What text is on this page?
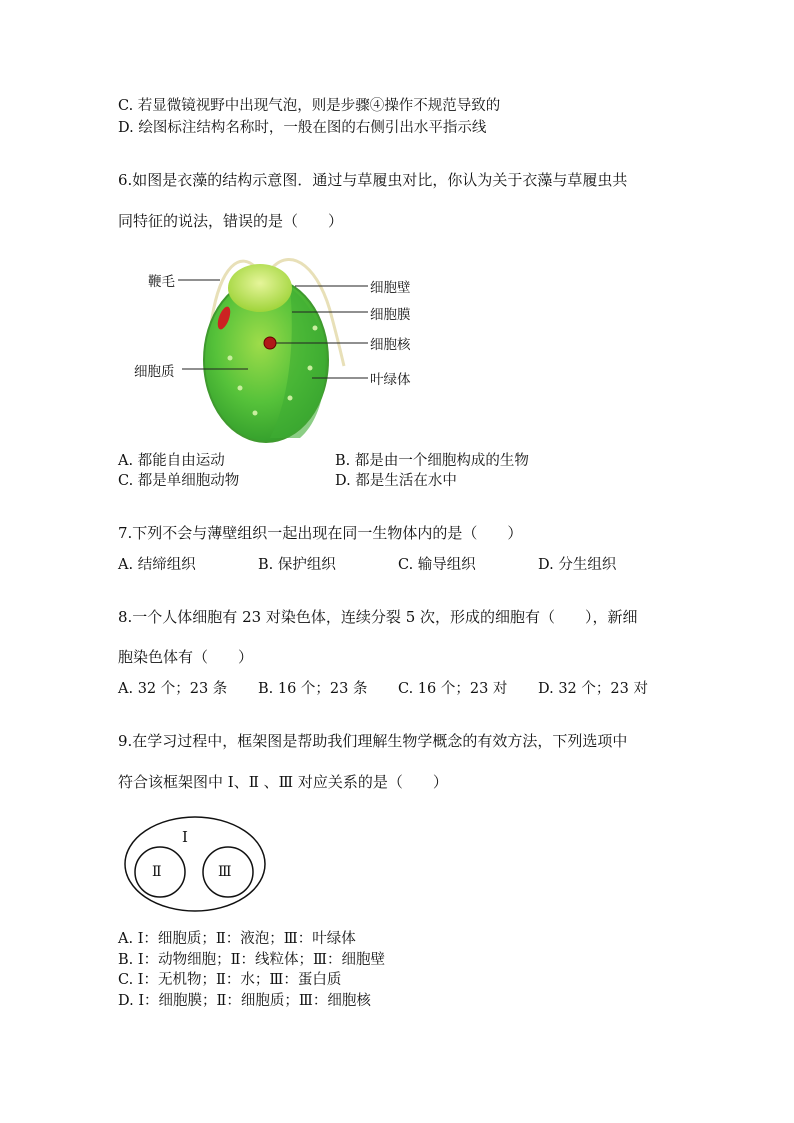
C. 若显微镜视野中出现气泡，则是步骤④操作不规范导致的
D. 绘图标注结构名称时，一般在图的右侧引出水平指示线
6.如图是衣藻的结构示意图．通过与草履虫对比，你认为关于衣藻与草履虫共
同特征的说法，错误的是（　　）
鞭毛	细胞壁
细胞膜
细胞核
细胞质	叶绿体
A. 都能自由运动	B. 都是由一个细胞构成的生物
C. 都是单细胞动物	D. 都是生活在水中
7.下列不会与薄壁组织一起出现在同一生物体内的是（　　）
A. 结缔组织	B. 保护组织	C. 输导组织	D. 分生组织
8.一个人体细胞有 23 对染色体，连续分裂 5 次，形成的细胞有（　　），新细
胞染色体有（　　）
A. 32 个；23 条 B. 16 个；23 条 C. 16 个；23 对 D. 32 个；23 对
9.在学习过程中，框架图是帮助我们理解生物学概念的有效方法，下列选项中
符合该框架图中 Ⅰ、Ⅱ 、Ⅲ 对应关系的是（　　）
Ⅰ
Ⅱ	Ⅲ
A. Ⅰ：细胞质；Ⅱ：液泡；Ⅲ：叶绿体
B. Ⅰ：动物细胞；Ⅱ：线粒体；Ⅲ：细胞壁
C. Ⅰ：无机物；Ⅱ：水；Ⅲ：蛋白质
D. Ⅰ：细胞膜；Ⅱ：细胞质；Ⅲ：细胞核
